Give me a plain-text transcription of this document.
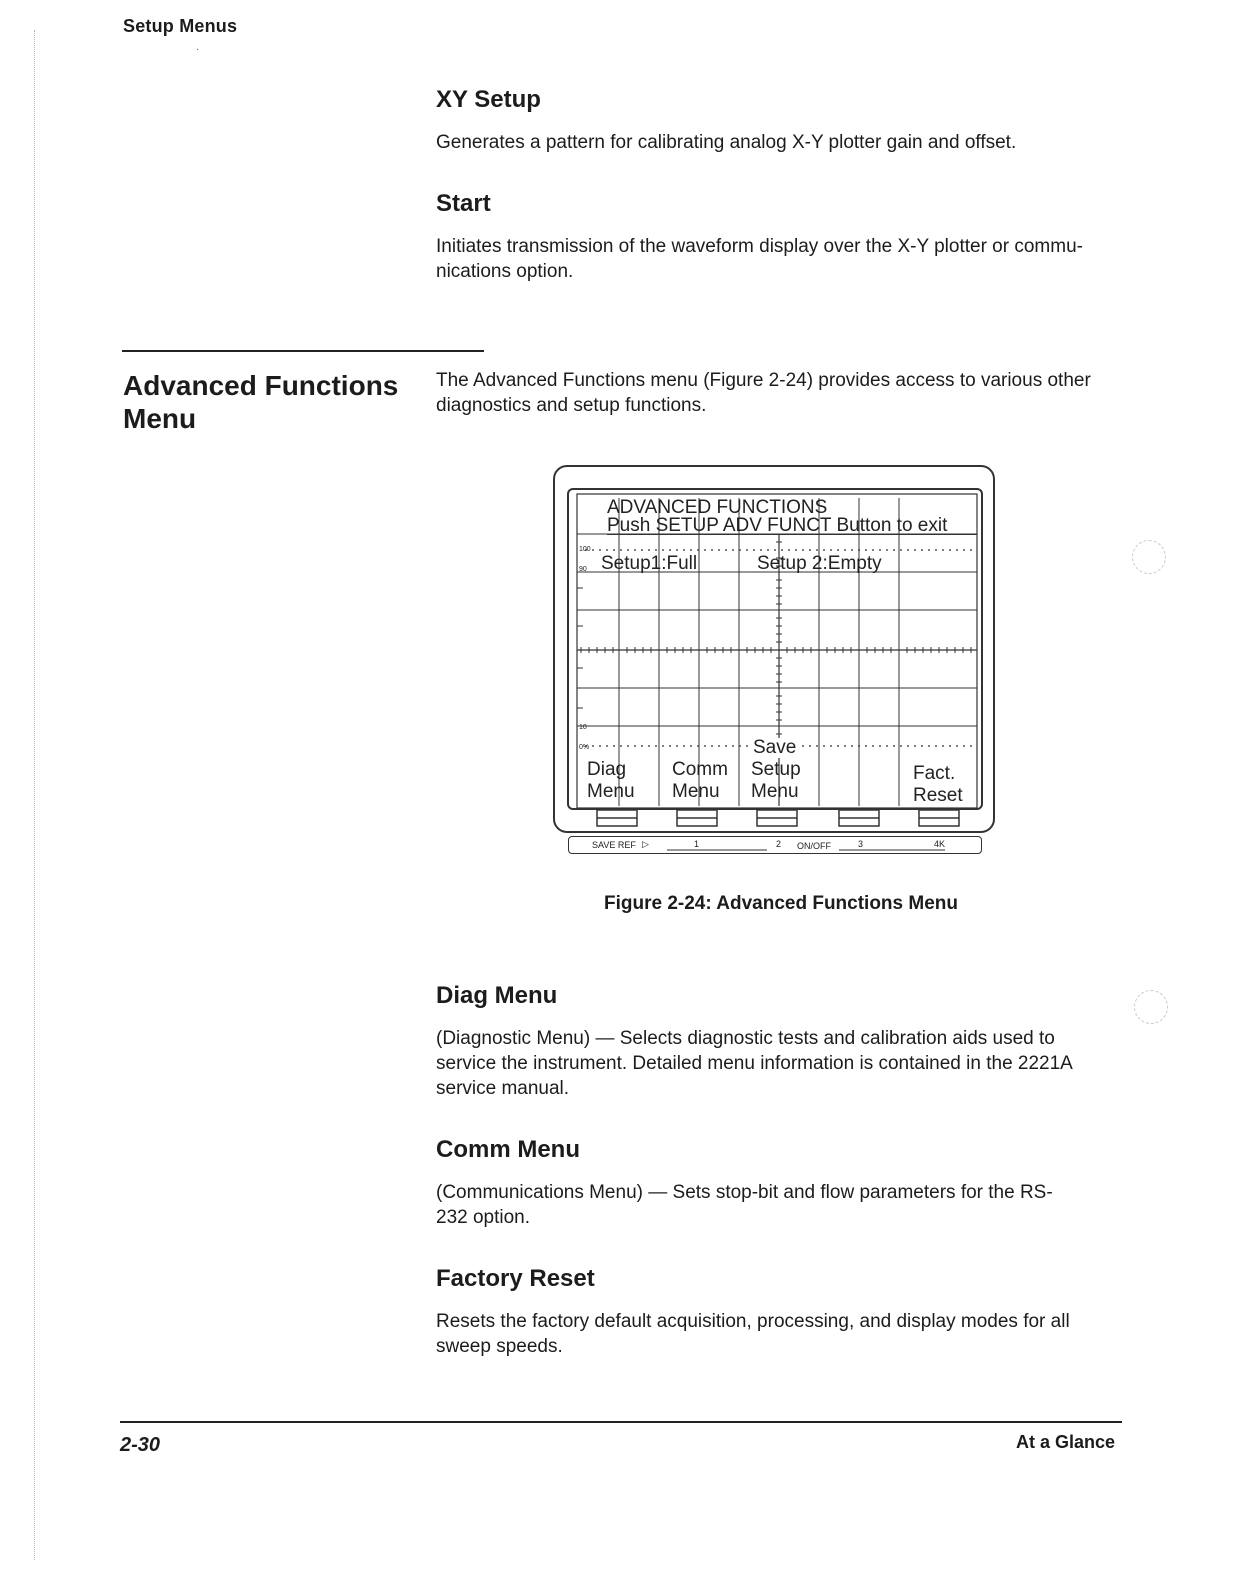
Setup Menus
·
XY Setup
Generates a pattern for calibrating analog X-Y plotter gain and offset.
Start
Initiates transmission of the waveform display over the X-Y plotter or commu- nications option.
Advanced Functions Menu
The Advanced Functions menu (Figure 2-24) provides access to various other diagnostics and setup functions.
ADVANCED FUNCTIONS
Push SETUP ADV FUNCT Button to exit
Setup1:Full	Setup 2:Empty
100
90
10
0%
Diag
Menu
Comm
Menu
Save
Setup
Menu
Fact.
Reset
SAVE REF ▷	1	2 ON/OFF	3	4K
Figure 2-24: Advanced Functions Menu
Diag Menu
(Diagnostic Menu) — Selects diagnostic tests and calibration aids used to service the instrument. Detailed menu information is contained in the 2221A service manual.
Comm Menu
(Communications Menu) — Sets stop-bit and flow parameters for the RS-232 option.
Factory Reset
Resets the factory default acquisition, processing, and display modes for all sweep speeds.
2-30	At a Glance
